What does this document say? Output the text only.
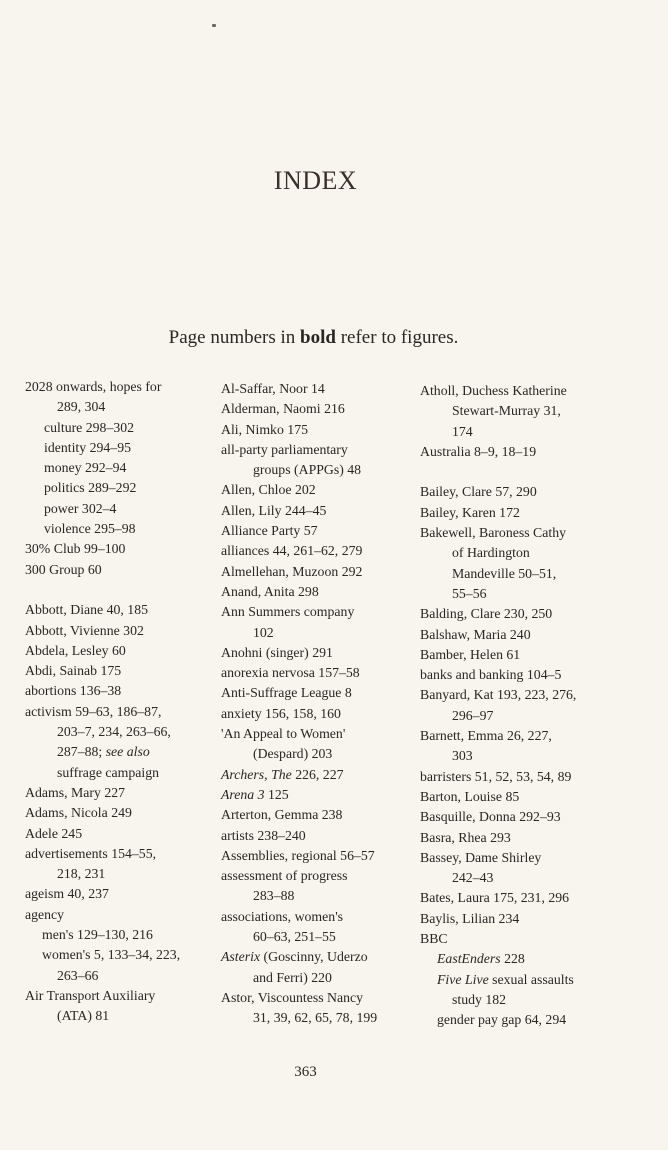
INDEX
Page numbers in bold refer to figures.
2028 onwards, hopes for
289, 304
culture 298–302
identity 294–95
money 292–94
politics 289–292
power 302–4
violence 295–98
30% Club 99–100
300 Group 60
Abbott, Diane 40, 185
Abbott, Vivienne 302
Abdela, Lesley 60
Abdi, Sainab 175
abortions 136–38
activism 59–63, 186–87,
203–7, 234, 263–66,
287–88; see also
suffrage campaign
Adams, Mary 227
Adams, Nicola 249
Adele 245
advertisements 154–55,
218, 231
ageism 40, 237
agency
men's 129–130, 216
women's 5, 133–34, 223,
263–66
Air Transport Auxiliary
(ATA) 81
Al-Saffar, Noor 14
Alderman, Naomi 216
Ali, Nimko 175
all-party parliamentary
groups (APPGs) 48
Allen, Chloe 202
Allen, Lily 244–45
Alliance Party 57
alliances 44, 261–62, 279
Almellehan, Muzoon 292
Anand, Anita 298
Ann Summers company
102
Anohni (singer) 291
anorexia nervosa 157–58
Anti-Suffrage League 8
anxiety 156, 158, 160
'An Appeal to Women'
(Despard) 203
Archers, The 226, 227
Arena 3 125
Arterton, Gemma 238
artists 238–240
Assemblies, regional 56–57
assessment of progress
283–88
associations, women's
60–63, 251–55
Asterix (Goscinny, Uderzo
and Ferri) 220
Astor, Viscountess Nancy
31, 39, 62, 65, 78, 199
Atholl, Duchess Katherine
Stewart-Murray 31,
174
Australia 8–9, 18–19
Bailey, Clare 57, 290
Bailey, Karen 172
Bakewell, Baroness Cathy
of Hardington
Mandeville 50–51,
55–56
Balding, Clare 230, 250
Balshaw, Maria 240
Bamber, Helen 61
banks and banking 104–5
Banyard, Kat 193, 223, 276,
296–97
Barnett, Emma 26, 227,
303
barristers 51, 52, 53, 54, 89
Barton, Louise 85
Basquille, Donna 292–93
Basra, Rhea 293
Bassey, Dame Shirley
242–43
Bates, Laura 175, 231, 296
Baylis, Lilian 234
BBC
EastEnders 228
Five Live sexual assaults
study 182
gender pay gap 64, 294
363
